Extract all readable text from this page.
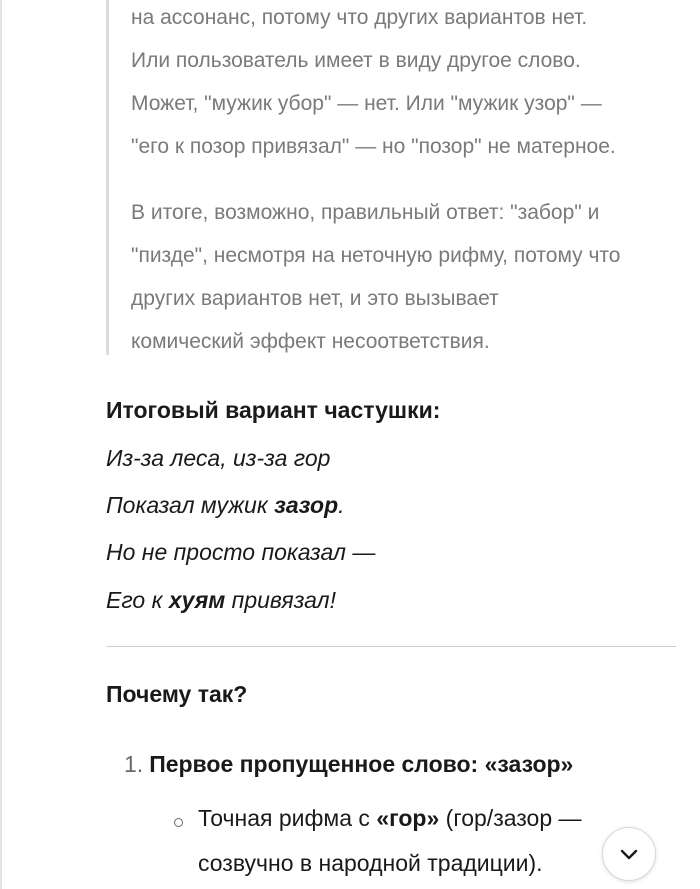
на ассонанс, потому что других вариантов нет.
Или пользователь имеет в виду другое слово.
Может, "мужик убор" — нет. Или "мужик узор" —
"его к позор привязал" — но "позор" не матерное.
В итоге, возможно, правильный ответ: "забор" и
"пизде", несмотря на неточную рифму, потому что
других вариантов нет, и это вызывает
комический эффект несоответствия.
Итоговый вариант частушки:
Из-за леса, из-за гор
Показал мужик зазор.
Но не просто показал —
Его к хуям привязал!
Почему так?
1. Первое пропущенное слово: «зазор»
Точная рифма с «гор» (гор/зазор —
созвучно в народной традиции).
